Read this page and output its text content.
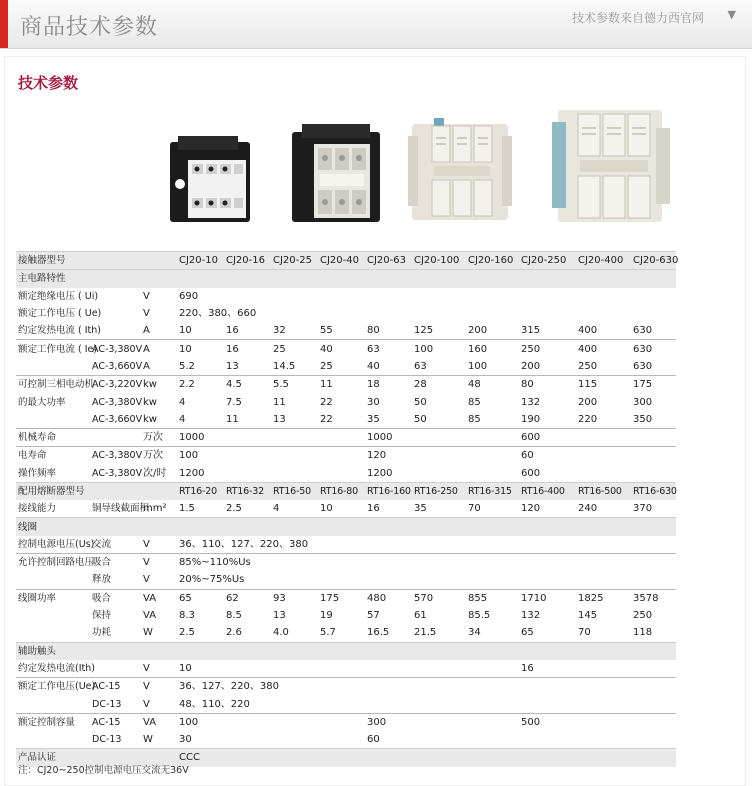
商品技术参数	技术参数来自德力西官网 ▼
技术参数
接触器型号			CJ20-10	CJ20-16	CJ20-25	CJ20-40	CJ20-63	CJ20-100	CJ20-160	CJ20-250	CJ20-400	CJ20-630
主电路特性												
额定绝缘电压 ( Ui)		V	690									
额定工作电压 ( Ue)		V	220、380、660									
约定发热电流 ( Ith)		A	10	16	32	55	80	125	200	315	400	630
额定工作电流 ( Ie)	AC-3,380V	A	10	16	25	40	63	100	160	250	400	630
	AC-3,660V	A	5.2	13	14.5	25	40	63	100	200	250	630
可控制三相电动机	AC-3,220V	kw	2.2	4.5	5.5	11	18	28	48	80	115	175
的最大功率	AC-3,380V	kw	4	7.5	11	22	30	50	85	132	200	300
	AC-3,660V	kw	4	11	13	22	35	50	85	190	220	350
机械寿命		万次	1000				1000			600		
电寿命	AC-3,380V	万次	100				120			60		
操作频率	AC-3,380V	次/时	1200				1200			600		
配用熔断器型号			RT16-20	RT16-32	RT16-50	RT16-80	RT16-160	RT16-250	RT16-315	RT16-400	RT16-500	RT16-630
接线能力	铜导线截面积	mm²	1.5	2.5	4	10	16	35	70	120	240	370
线圈												
控制电源电压(Us)	交流	V	36、110、127、220、380									
允许控制回路电压	吸合	V	85%~110%Us									
	释放	V	20%~75%Us									
线圈功率	吸合	VA	65	62	93	175	480	570	855	1710	1825	3578
	保持	VA	8.3	8.5	13	19	57	61	85.5	132	145	250
	功耗	W	2.5	2.6	4.0	5.7	16.5	21.5	34	65	70	118
辅助触头												
约定发热电流(Ith)		V	10							16		
额定工作电压(Ue)	AC-15	V	36、127、220、380									
	DC-13	V	48、110、220									
额定控制容量	AC-15	VA	100				300			500		
	DC-13	W	30				60					
产品认证			CCC									
注：CJ20~250控制电源电压交流无36V
